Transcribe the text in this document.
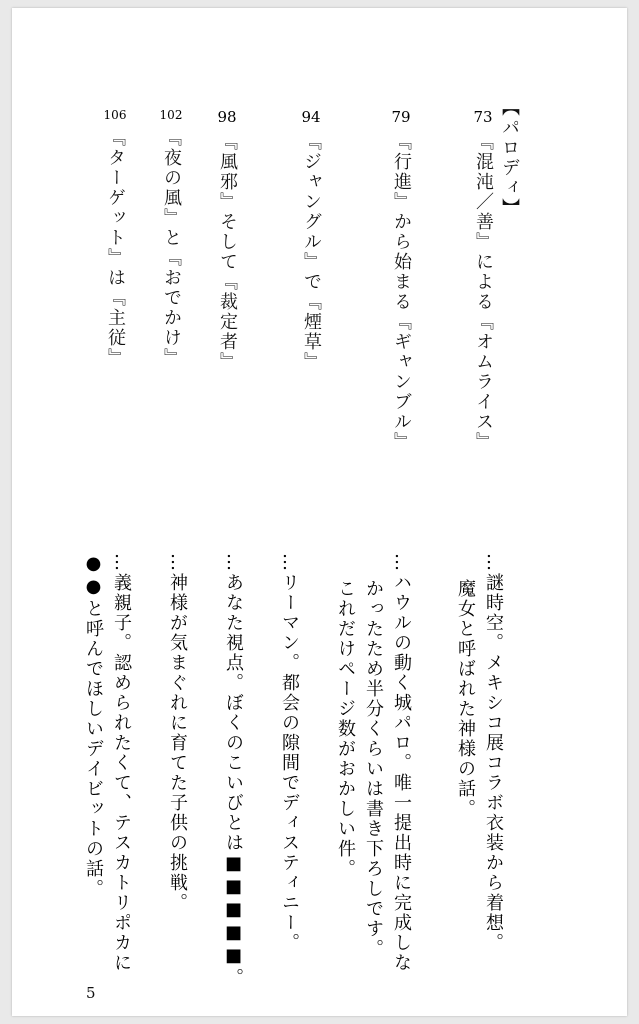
【パロディ】
73
『混沌／善』による『オムライス』
79
『行進』から始まる『ギャンブル』
94
『ジャングル』で『煙草』
98
『風邪』そして『裁定者』
102
『夜の風』と『おでかけ』
106
『ターゲット』は『主従』
…謎時空。メキシコ展コラボ衣装から着想。
魔女と呼ばれた神様の話。
…ハウルの動く城パロ。唯一提出時に完成しな
かったため半分くらいは書き下ろしです。
これだけページ数がおかしい件。
…リーマン。都会の隙間でディスティニー。
…あなた視点。ぼくのこいびとは■■■■■。
…神様が気まぐれに育てた子供の挑戦。
…義親子。認められたくて、テスカトリポカに
●●と呼んでほしいデイビットの話。
5
